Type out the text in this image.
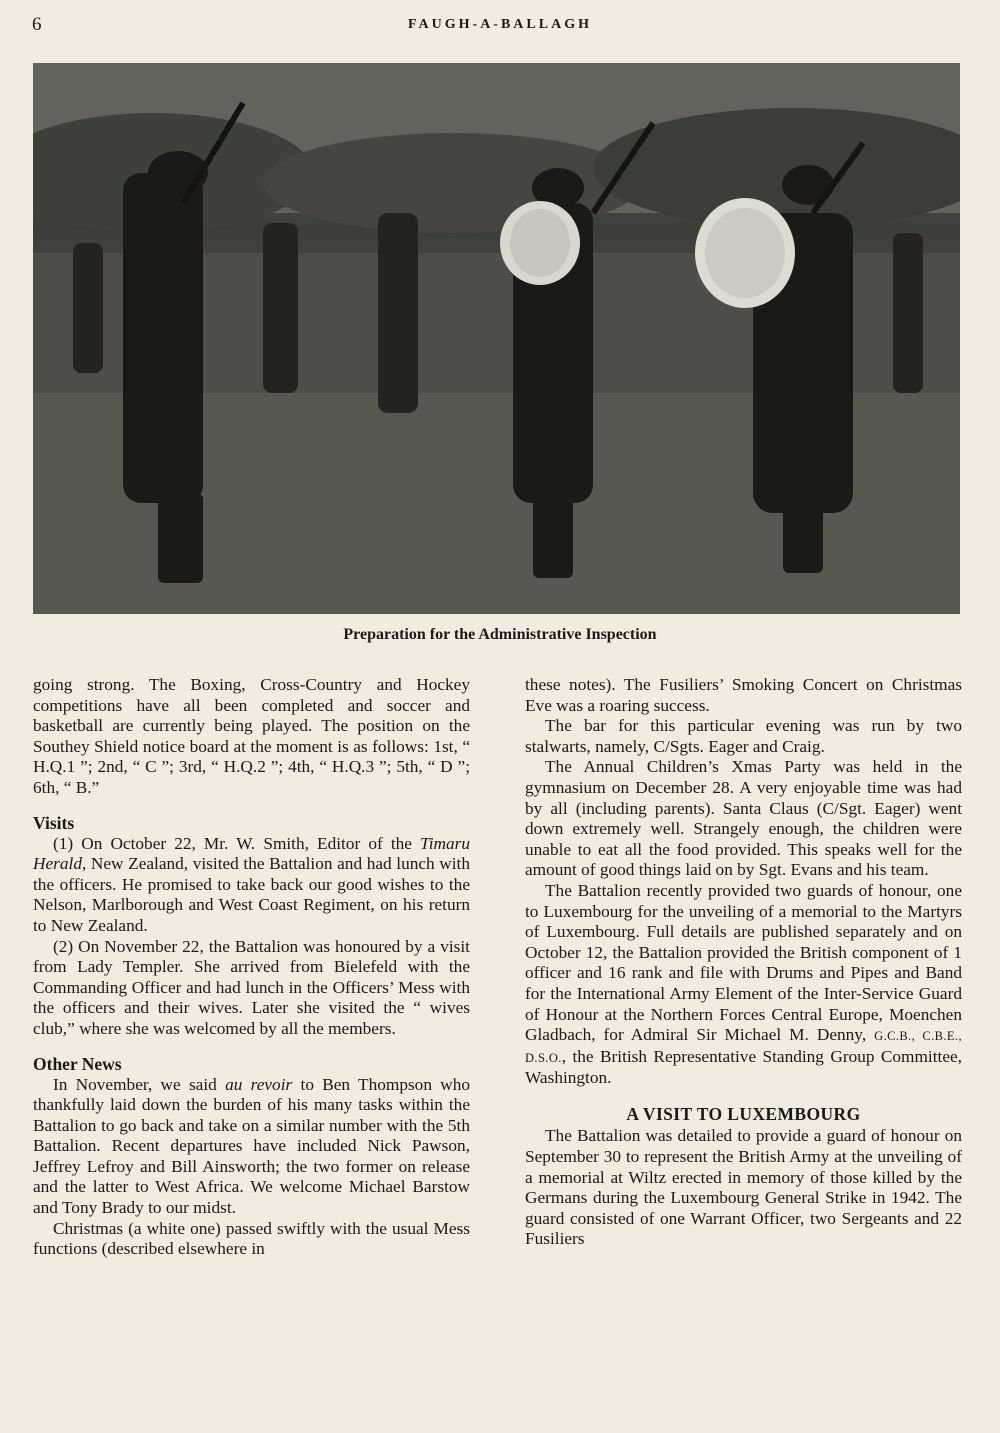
6	FAUGH-A-BALLAGH
Preparation for the Administrative Inspection

going strong. The Boxing, Cross-Country and Hockey competitions have all been completed and soccer and basketball are currently being played. The position on the Southey Shield notice board at the moment is as follows: 1st, “ H.Q.1 ”; 2nd, “ C ”; 3rd, “ H.Q.2 ”; 4th, “ H.Q.3 ”; 5th, “ D ”; 6th, “ B.”

Visits

(1) On October 22, Mr. W. Smith, Editor of the Timaru Herald, New Zealand, visited the Battalion and had lunch with the officers. He promised to take back our good wishes to the Nelson, Marlborough and West Coast Regiment, on his return to New Zealand.

(2) On November 22, the Battalion was honoured by a visit from Lady Templer. She arrived from Bielefeld with the Commanding Officer and had lunch in the Officers’ Mess with the officers and their wives. Later she visited the “ wives club,” where she was welcomed by all the members.

Other News

In November, we said au revoir to Ben Thompson who thankfully laid down the burden of his many tasks within the Battalion to go back and take on a similar number with the 5th Battalion. Recent departures have included Nick Pawson, Jeffrey Lefroy and Bill Ainsworth; the two former on release and the latter to West Africa. We welcome Michael Barstow and Tony Brady to our midst.

Christmas (a white one) passed swiftly with the usual Mess functions (described elsewhere in

these notes). The Fusiliers’ Smoking Concert on Christmas Eve was a roaring success.

The bar for this particular evening was run by two stalwarts, namely, C/Sgts. Eager and Craig.

The Annual Children’s Xmas Party was held in the gymnasium on December 28. A very enjoyable time was had by all (including parents). Santa Claus (C/Sgt. Eager) went down extremely well. Strangely enough, the children were unable to eat all the food provided. This speaks well for the amount of good things laid on by Sgt. Evans and his team.

The Battalion recently provided two guards of honour, one to Luxembourg for the unveiling of a memorial to the Martyrs of Luxembourg. Full details are published separately and on October 12, the Battalion provided the British component of 1 officer and 16 rank and file with Drums and Pipes and Band for the International Army Element of the Inter-Service Guard of Honour at the Northern Forces Central Europe, Moenchen Gladbach, for Admiral Sir Michael M. Denny, G.C.B., C.B.E., D.S.O., the British Representative Standing Group Committee, Washington.

A VISIT TO LUXEMBOURG

The Battalion was detailed to provide a guard of honour on September 30 to represent the British Army at the unveiling of a memorial at Wiltz erected in memory of those killed by the Germans during the Luxembourg General Strike in 1942. The guard consisted of one Warrant Officer, two Sergeants and 22 Fusiliers
